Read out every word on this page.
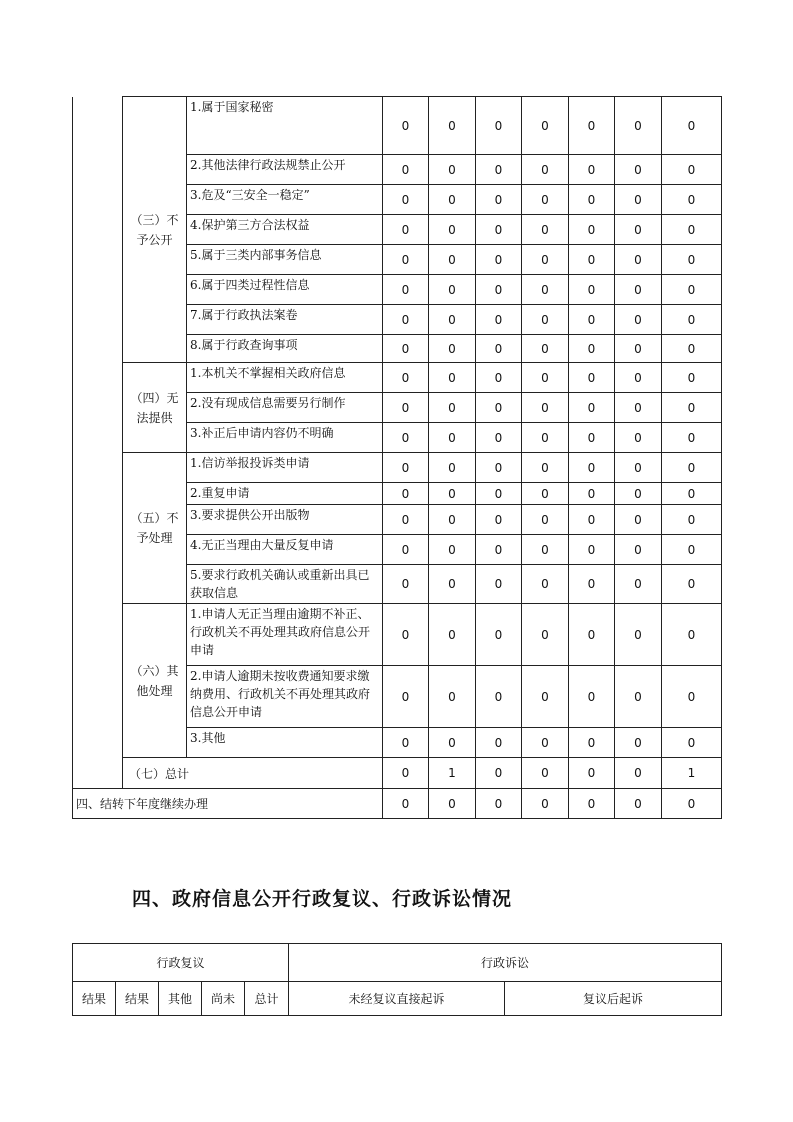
	（三）不予公开	1.属于国家秘密	0	0	0	0	0	0	0
		2.其他法律行政法规禁止公开	0	0	0	0	0	0	0
		3.危及“三安全一稳定”	0	0	0	0	0	0	0
		4.保护第三方合法权益	0	0	0	0	0	0	0
		5.属于三类内部事务信息	0	0	0	0	0	0	0
		6.属于四类过程性信息	0	0	0	0	0	0	0
		7.属于行政执法案卷	0	0	0	0	0	0	0
		8.属于行政查询事项	0	0	0	0	0	0	0
	（四）无法提供	1.本机关不掌握相关政府信息	0	0	0	0	0	0	0
		2.没有现成信息需要另行制作	0	0	0	0	0	0	0
		3.补正后申请内容仍不明确	0	0	0	0	0	0	0
	（五）不予处理	1.信访举报投诉类申请	0	0	0	0	0	0	0
		2.重复申请	0	0	0	0	0	0	0
		3.要求提供公开出版物	0	0	0	0	0	0	0
		4.无正当理由大量反复申请	0	0	0	0	0	0	0
		5.要求行政机关确认或重新出具已获取信息	0	0	0	0	0	0	0
	（六）其他处理	1.申请人无正当理由逾期不补正、行政机关不再处理其政府信息公开申请	0	0	0	0	0	0	0
		2.申请人逾期未按收费通知要求缴纳费用、行政机关不再处理其政府信息公开申请	0	0	0	0	0	0	0
		3.其他	0	0	0	0	0	0	0
	（七）总计		0	1	0	0	0	0	1
四、结转下年度继续办理			0	0	0	0	0	0	0
四、政府信息公开行政复议、行政诉讼情况
行政复议					行政诉讼	
结果	结果	其他	尚未	总计	未经复议直接起诉	复议后起诉
